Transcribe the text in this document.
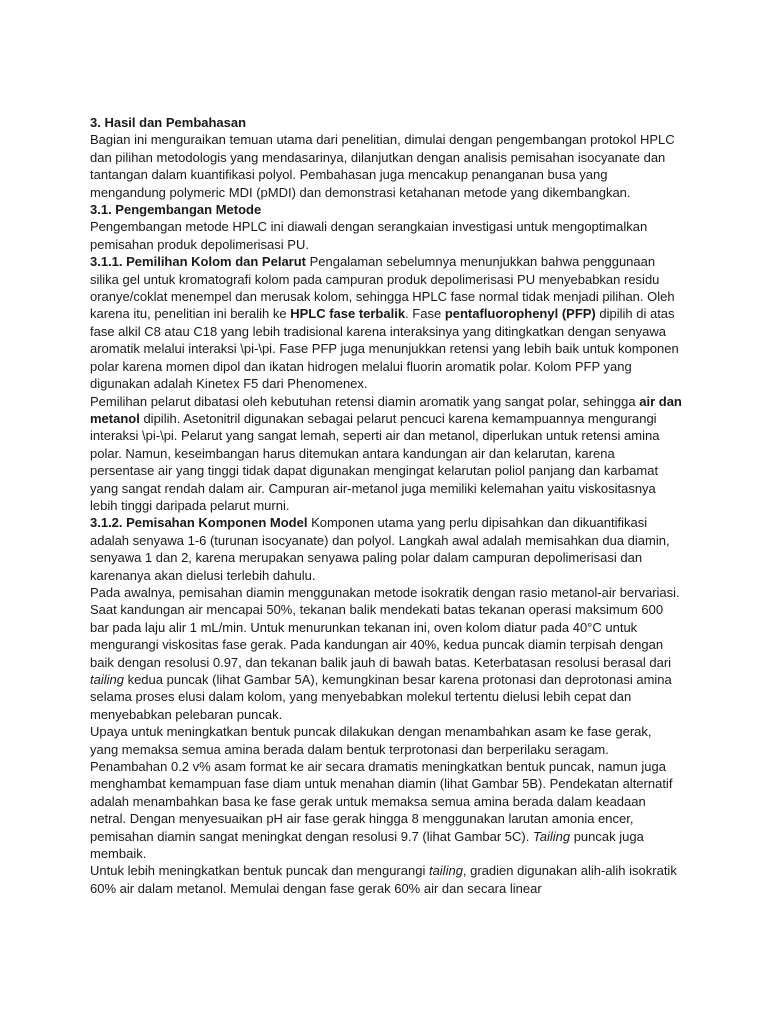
3. Hasil dan Pembahasan

Bagian ini menguraikan temuan utama dari penelitian, dimulai dengan pengembangan protokol HPLC dan pilihan metodologis yang mendasarinya, dilanjutkan dengan analisis pemisahan isocyanate dan tantangan dalam kuantifikasi polyol. Pembahasan juga mencakup penanganan busa yang mengandung polymeric MDI (pMDI) dan demonstrasi ketahanan metode yang dikembangkan.

3.1. Pengembangan Metode

Pengembangan metode HPLC ini diawali dengan serangkaian investigasi untuk mengoptimalkan pemisahan produk depolimerisasi PU.

3.1.1. Pemilihan Kolom dan Pelarut Pengalaman sebelumnya menunjukkan bahwa penggunaan silika gel untuk kromatografi kolom pada campuran produk depolimerisasi PU menyebabkan residu oranye/coklat menempel dan merusak kolom, sehingga HPLC fase normal tidak menjadi pilihan. Oleh karena itu, penelitian ini beralih ke HPLC fase terbalik. Fase pentafluorophenyl (PFP) dipilih di atas fase alkil C8 atau C18 yang lebih tradisional karena interaksinya yang ditingkatkan dengan senyawa aromatik melalui interaksi \pi-\pi. Fase PFP juga menunjukkan retensi yang lebih baik untuk komponen polar karena momen dipol dan ikatan hidrogen melalui fluorin aromatik polar. Kolom PFP yang digunakan adalah Kinetex F5 dari Phenomenex.

Pemilihan pelarut dibatasi oleh kebutuhan retensi diamin aromatik yang sangat polar, sehingga air dan metanol dipilih. Asetonitril digunakan sebagai pelarut pencuci karena kemampuannya mengurangi interaksi \pi-\pi. Pelarut yang sangat lemah, seperti air dan metanol, diperlukan untuk retensi amina polar. Namun, keseimbangan harus ditemukan antara kandungan air dan kelarutan, karena persentase air yang tinggi tidak dapat digunakan mengingat kelarutan poliol panjang dan karbamat yang sangat rendah dalam air. Campuran air-metanol juga memiliki kelemahan yaitu viskositasnya lebih tinggi daripada pelarut murni.

3.1.2. Pemisahan Komponen Model Komponen utama yang perlu dipisahkan dan dikuantifikasi adalah senyawa 1-6 (turunan isocyanate) dan polyol. Langkah awal adalah memisahkan dua diamin, senyawa 1 dan 2, karena merupakan senyawa paling polar dalam campuran depolimerisasi dan karenanya akan dielusi terlebih dahulu.

Pada awalnya, pemisahan diamin menggunakan metode isokratik dengan rasio metanol-air bervariasi. Saat kandungan air mencapai 50%, tekanan balik mendekati batas tekanan operasi maksimum 600 bar pada laju alir 1 mL/min. Untuk menurunkan tekanan ini, oven kolom diatur pada 40°C untuk mengurangi viskositas fase gerak. Pada kandungan air 40%, kedua puncak diamin terpisah dengan baik dengan resolusi 0.97, dan tekanan balik jauh di bawah batas. Keterbatasan resolusi berasal dari tailing kedua puncak (lihat Gambar 5A), kemungkinan besar karena protonasi dan deprotonasi amina selama proses elusi dalam kolom, yang menyebabkan molekul tertentu dielusi lebih cepat dan menyebabkan pelebaran puncak.

Upaya untuk meningkatkan bentuk puncak dilakukan dengan menambahkan asam ke fase gerak, yang memaksa semua amina berada dalam bentuk terprotonasi dan berperilaku seragam. Penambahan 0.2 v% asam format ke air secara dramatis meningkatkan bentuk puncak, namun juga menghambat kemampuan fase diam untuk menahan diamin (lihat Gambar 5B). Pendekatan alternatif adalah menambahkan basa ke fase gerak untuk memaksa semua amina berada dalam keadaan netral. Dengan menyesuaikan pH air fase gerak hingga 8 menggunakan larutan amonia encer, pemisahan diamin sangat meningkat dengan resolusi 9.7 (lihat Gambar 5C). Tailing puncak juga membaik.

Untuk lebih meningkatkan bentuk puncak dan mengurangi tailing, gradien digunakan alih-alih isokratik 60% air dalam metanol. Memulai dengan fase gerak 60% air dan secara linear
